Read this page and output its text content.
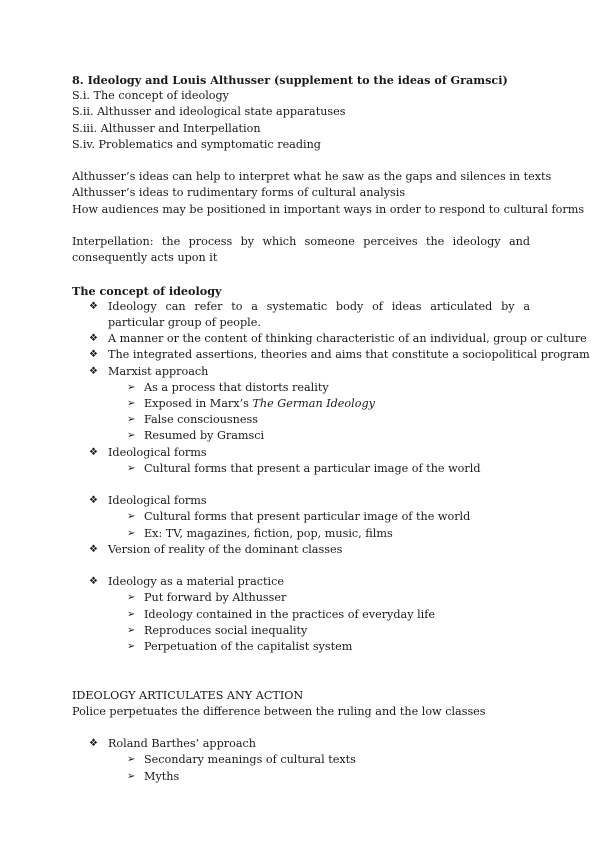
8. Ideology and Louis Althusser (supplement to the ideas of Gramsci)
S.i. The concept of ideology
S.ii. Althusser and ideological state apparatuses
S.iii. Althusser and Interpellation
S.iv. Problematics and symptomatic reading
Althusser’s ideas can help to interpret what he saw as the gaps and silences in texts
Althusser’s ideas to rudimentary forms of cultural analysis
How audiences may be positioned in important ways in order to respond to cultural forms
Interpellation: the process by which someone perceives the ideology and consequently acts upon it
The concept of ideology
❖ Ideology can refer to a systematic body of ideas articulated by a particular group of people.
❖ A manner or the content of thinking characteristic of an individual, group or culture
❖ The integrated assertions, theories and aims that constitute a sociopolitical program
❖ Marxist approach
➢ As a process that distorts reality
➢ Exposed in Marx’s The German Ideology
➢ False consciousness
➢ Resumed by Gramsci
❖ Ideological forms
➢ Cultural forms that present a particular image of the world
❖ Ideological forms
➢ Cultural forms that present particular image of the world
➢ Ex: TV, magazines, fiction, pop, music, films
❖ Version of reality of the dominant classes
❖ Ideology as a material practice
➢ Put forward by Althusser
➢ Ideology contained in the practices of everyday life
➢ Reproduces social inequality
➢ Perpetuation of the capitalist system
IDEOLOGY ARTICULATES ANY ACTION
Police perpetuates the difference between the ruling and the low classes
❖ Roland Barthes’ approach
➢ Secondary meanings of cultural texts
➢ Myths
